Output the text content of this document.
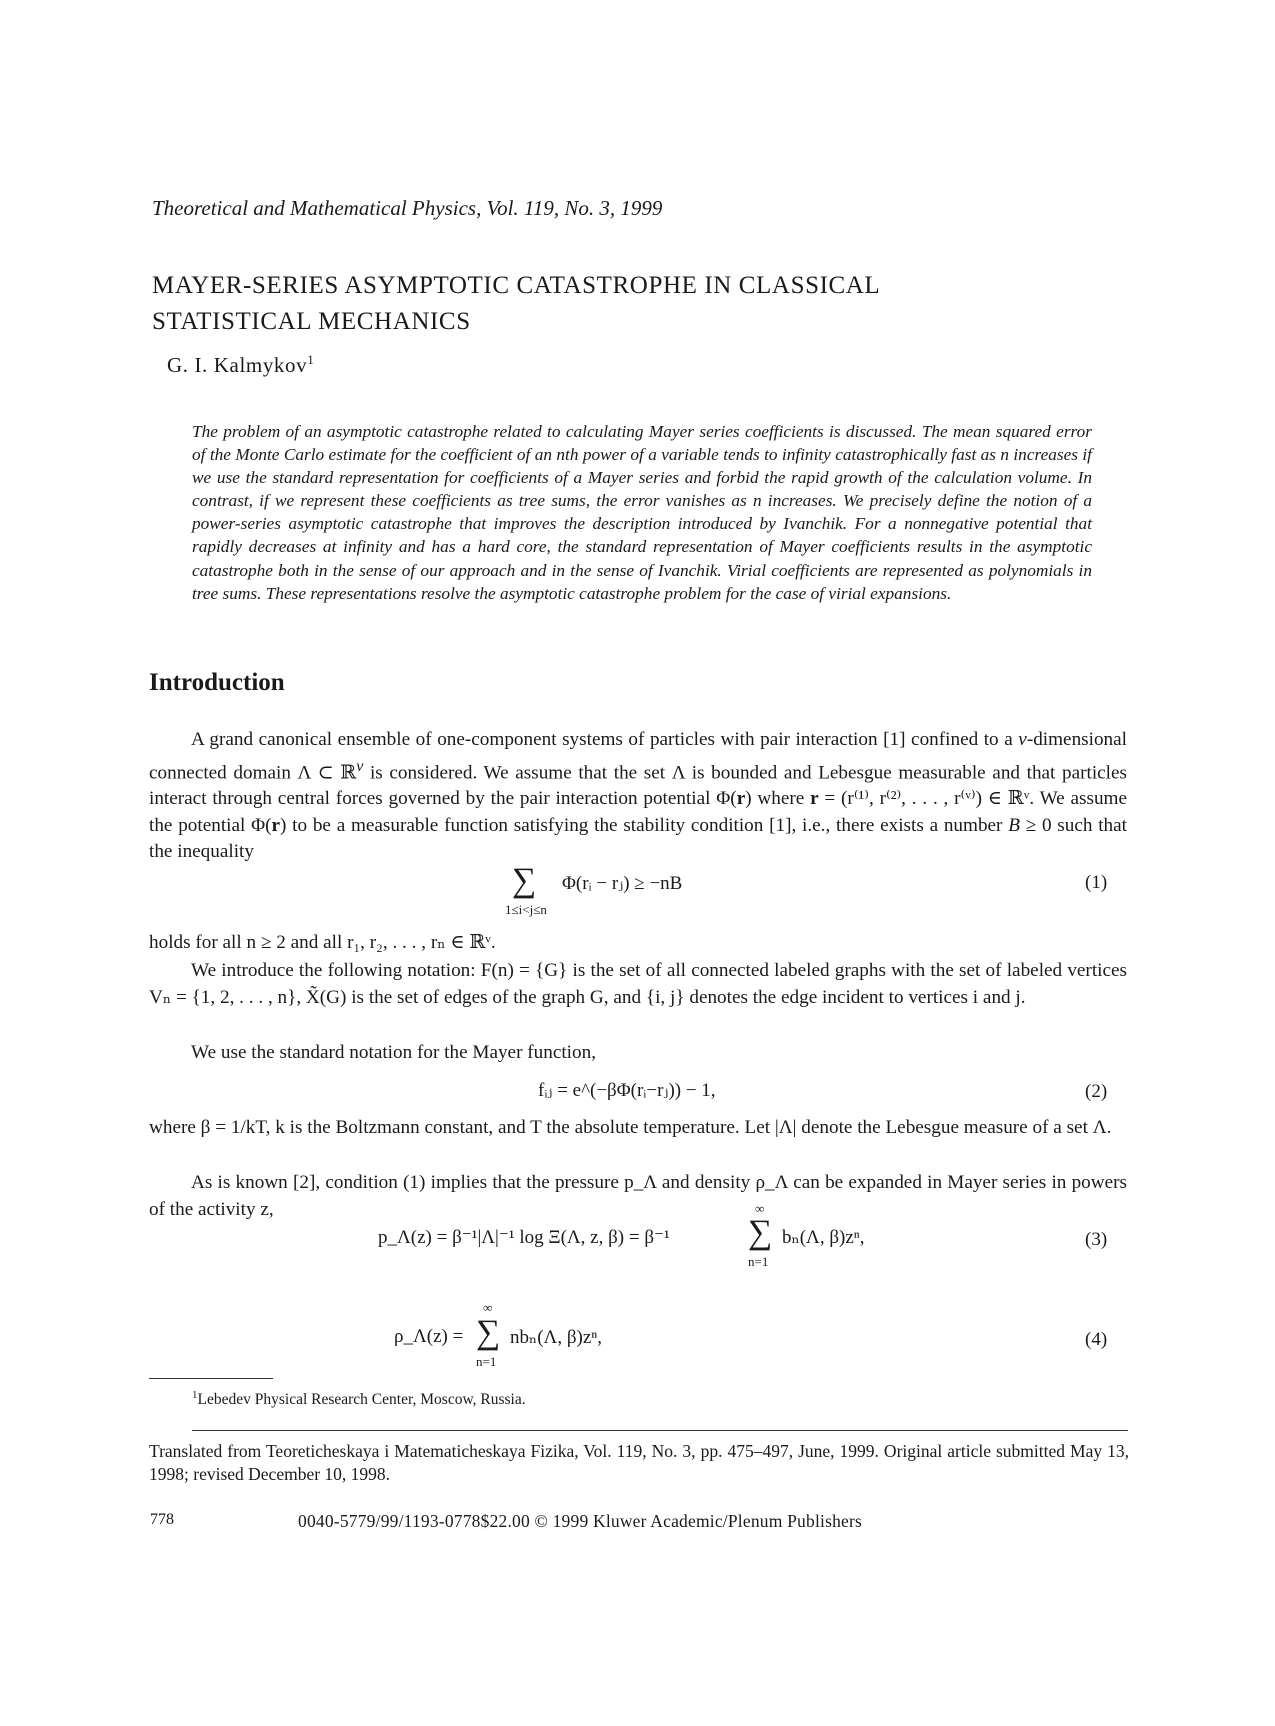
Theoretical and Mathematical Physics, Vol. 119, No. 3, 1999
MAYER-SERIES ASYMPTOTIC CATASTROPHE IN CLASSICAL
STATISTICAL MECHANICS
G. I. Kalmykov$^1$
The problem of an asymptotic catastrophe related to calculating Mayer series coefficients is discussed. The mean squared error of the Monte Carlo estimate for the coefficient of an nth power of a variable tends to infinity catastrophically fast as n increases if we use the standard representation for coefficients of a Mayer series and forbid the rapid growth of the calculation volume. In contrast, if we represent these coefficients as tree sums, the error vanishes as n increases. We precisely define the notion of a power-series asymptotic catastrophe that improves the description introduced by Ivanchik. For a nonnegative potential that rapidly decreases at infinity and has a hard core, the standard representation of Mayer coefficients results in the asymptotic catastrophe both in the sense of our approach and in the sense of Ivanchik. Virial coefficients are represented as polynomials in tree sums. These representations resolve the asymptotic catastrophe problem for the case of virial expansions.
Introduction
A grand canonical ensemble of one-component systems of particles with pair interaction [1] confined to a ν-dimensional connected domain Λ ⊂ ℝ$^\nu$ is considered. We assume that the set Λ is bounded and Lebesgue measurable and that particles interact through central forces governed by the pair interaction potential Φ(r) where r = (r⁽¹⁾, r⁽²⁾, . . . , r⁽ᵛ⁾) ∈ ℝᵛ. We assume the potential Φ(r) to be a measurable function satisfying the stability condition [1], i.e., there exists a number B ≥ 0 such that the inequality
∑
1≤i<j≤n
Φ(rᵢ − rⱼ) ≥ −nB	(1)
holds for all n ≥ 2 and all r₁, r₂, . . . , rₙ ∈ ℝᵛ.
We introduce the following notation: F(n) = {G} is the set of all connected labeled graphs with the set of labeled vertices Vₙ = {1, 2, . . . , n}, X̃(G) is the set of edges of the graph G, and {i, j} denotes the edge incident to vertices i and j.
We use the standard notation for the Mayer function,
fᵢⱼ = e^(−βΦ(rᵢ−rⱼ)) − 1,	(2)
where β = 1/kT, k is the Boltzmann constant, and T the absolute temperature. Let |Λ| denote the Lebesgue measure of a set Λ.
As is known [2], condition (1) implies that the pressure p_Λ and density ρ_Λ can be expanded in Mayer series in powers of the activity z,
p_Λ(z) = β⁻¹|Λ|⁻¹ log Ξ(Λ, z, β) = β⁻¹
∞
∑
n=1
bₙ(Λ, β)zⁿ,	(3)
ρ_Λ(z) =
∞
∑
n=1
nbₙ(Λ, β)zⁿ,	(4)
$^1$Lebedev Physical Research Center, Moscow, Russia.
Translated from Teoreticheskaya i Matematicheskaya Fizika, Vol. 119, No. 3, pp. 475–497, June, 1999. Original article submitted May 13, 1998; revised December 10, 1998.
778	0040-5779/99/1193-0778$22.00 © 1999 Kluwer Academic/Plenum Publishers
